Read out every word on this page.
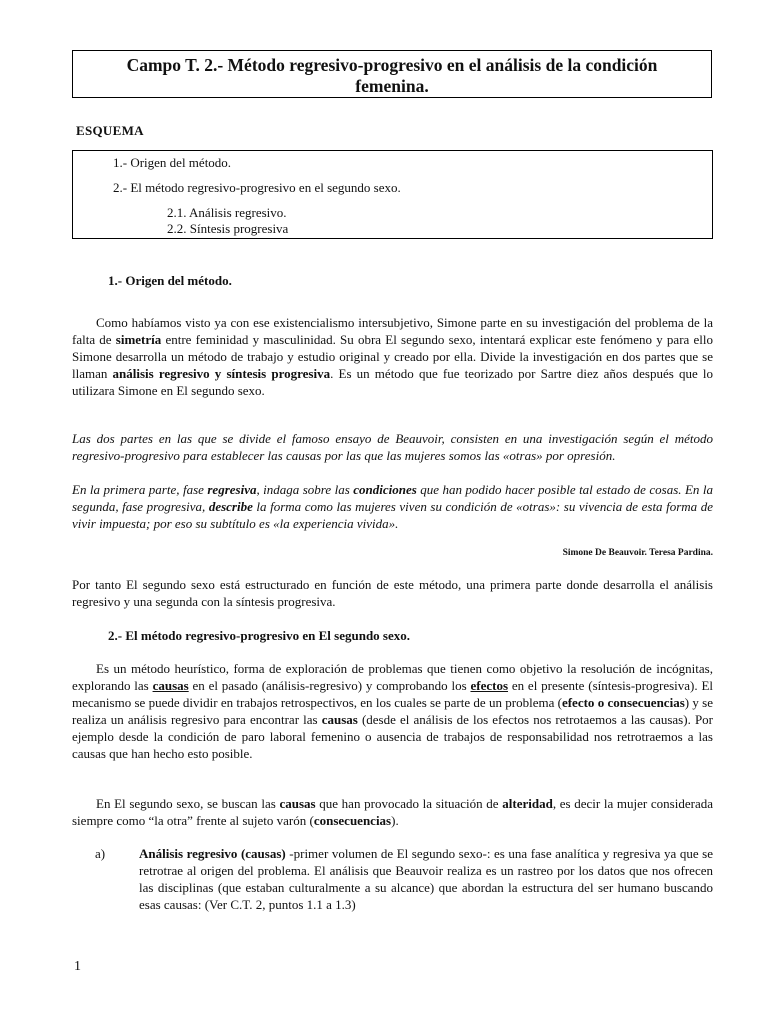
Campo T. 2.- Método regresivo-progresivo en el análisis de la condición
femenina.
ESQUEMA
1.- Origen del método.
2.- El método regresivo-progresivo en el segundo sexo.
2.1. Análisis regresivo.
2.2. Síntesis progresiva
1.- Origen del método.

Como habíamos visto ya con ese existencialismo intersubjetivo, Simone parte en su investigación del problema de la falta de simetría entre feminidad y masculinidad. Su obra El segundo sexo, intentará explicar este fenómeno y para ello Simone desarrolla un método de trabajo y estudio original y creado por ella. Divide la investigación en dos partes que se llaman análisis regresivo y síntesis progresiva. Es un método que fue teorizado por Sartre diez años después que lo utilizara Simone en El segundo sexo.

Las dos partes en las que se divide el famoso ensayo de Beauvoir, consisten en una investigación según el método regresivo-progresivo para establecer las causas por las que las mujeres somos las «otras» por opresión.

En la primera parte, fase regresiva, indaga sobre las condiciones que han podido hacer posible tal estado de cosas. En la segunda, fase progresiva, describe la forma como las mujeres viven su condición de «otras»: su vivencia de esta forma de vivir impuesta; por eso su subtítulo es «la experiencia vivida».

Simone De Beauvoir. Teresa Pardina.

Por tanto El segundo sexo está estructurado en función de este método, una primera parte donde desarrolla el análisis regresivo y una segunda con la síntesis progresiva.

2.- El método regresivo-progresivo en El segundo sexo.

Es un método heurístico, forma de exploración de problemas que tienen como objetivo la resolución de incógnitas, explorando las causas en el pasado (análisis-regresivo) y comprobando los efectos en el presente (síntesis-progresiva). El mecanismo se puede dividir en trabajos retrospectivos, en los cuales se parte de un problema (efecto o consecuencias) y se realiza un análisis regresivo para encontrar las causas (desde el análisis de los efectos nos retrotaemos a las causas). Por ejemplo desde la condición de paro laboral femenino o ausencia de trabajos de responsabilidad nos retrotraemos a las causas que han hecho esto posible.

En El segundo sexo, se buscan las causas que han provocado la situación de alteridad, es decir la mujer considerada siempre como “la otra” frente al sujeto varón (consecuencias).

a)	Análisis regresivo (causas) -primer volumen de El segundo sexo-: es una fase analítica y regresiva ya que se retrotrae al origen del problema. El análisis que Beauvoir realiza es un rastreo por los datos que nos ofrecen las disciplinas (que estaban culturalmente a su alcance) que abordan la estructura del ser humano buscando esas causas: (Ver C.T. 2, puntos 1.1 a 1.3)

1
